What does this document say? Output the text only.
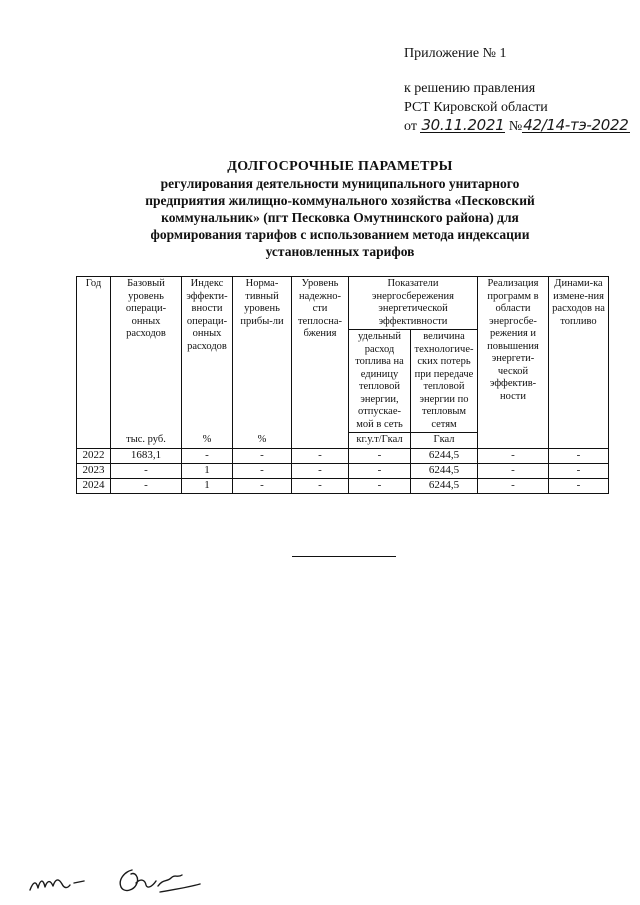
Приложение № 1
к решению правления
РСТ Кировской области
от 30.11.2021 №42/14-тэ-2022
ДОЛГОСРОЧНЫЕ ПАРАМЕТРЫ
регулирования деятельности муниципального унитарного
предприятия жилищно-коммунального хозяйства «Песковский
коммунальник» (пгт Песковка Омутнинского района) для
формирования тарифов с использованием метода индексации
установленных тарифов
Год	Базовый уровень операци-онных расходов	Индекс эффекти-вности операци-онных расходов	Норма-тивный уровень прибы-ли	Уровень надежно-сти теплосна-бжения	Показатели энергосбережения энергетической эффективности		Реализация программ в области энергосбе-режения и повышения энергети-ческой эффектив-ности	Динами-ка измене-ния расходов на топливо
					удельный расход топлива на единицу тепловой энергии, отпускае-мой в сеть	величина технологиче-ских потерь при передаче тепловой энергии по тепловым сетям		
	тыс. руб.	%	%		кг.у.т/Гкал	Гкал		
2022	1683,1	-	-	-	-	6244,5	-	-
2023	-	1	-	-	-	6244,5	-	-
2024	-	1	-	-	-	6244,5	-	-
